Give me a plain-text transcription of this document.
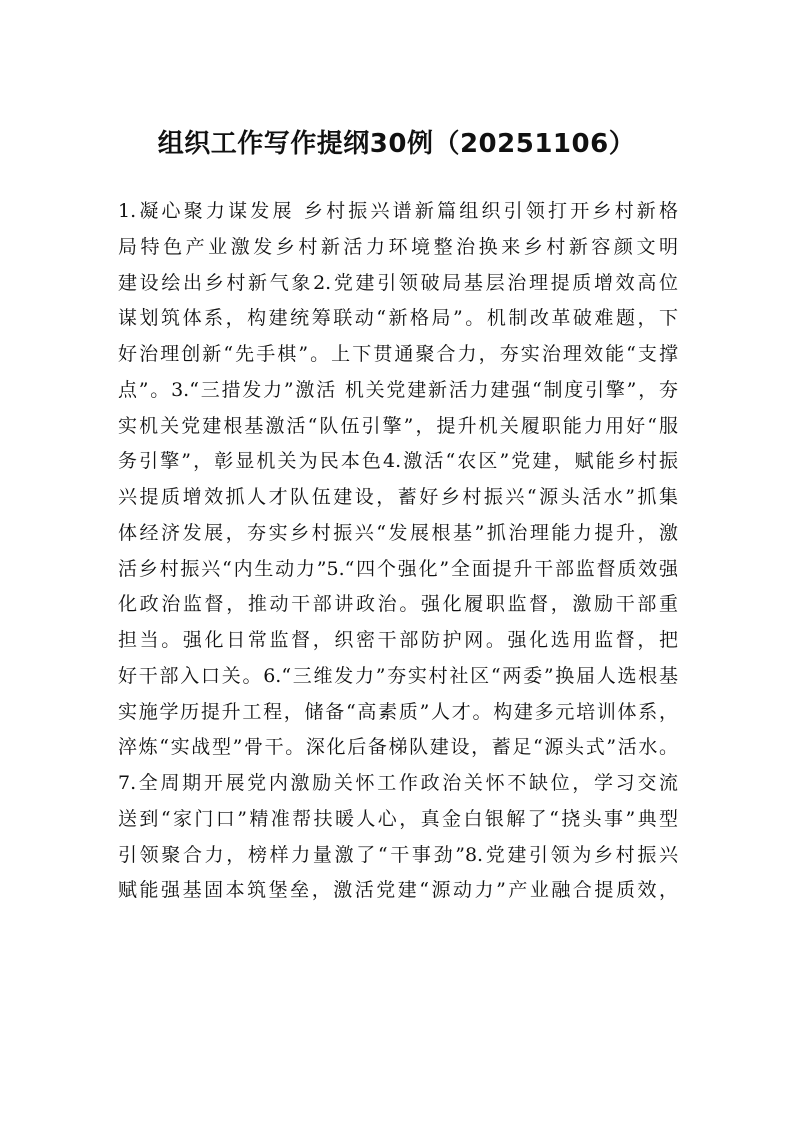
组织工作写作提纲30例（20251106）
1.凝心聚力谋发展 乡村振兴谱新篇组织引领打开乡村新格
局特色产业激发乡村新活力环境整治换来乡村新容颜文明
建设绘出乡村新气象2.党建引领破局基层治理提质增效高位
谋划筑体系，构建统筹联动“新格局”。机制改革破难题，下
好治理创新“先手棋”。上下贯通聚合力，夯实治理效能“支撑
点”。3.“三措发力”激活 机关党建新活力建强“制度引擎”，夯
实机关党建根基激活“队伍引擎”，提升机关履职能力用好“服
务引擎”，彰显机关为民本色4.激活“农区”党建，赋能乡村振
兴提质增效抓人才队伍建设，蓄好乡村振兴“源头活水”抓集
体经济发展，夯实乡村振兴“发展根基”抓治理能力提升，激
活乡村振兴“内生动力”5.“四个强化”全面提升干部监督质效强
化政治监督，推动干部讲政治。强化履职监督，激励干部重
担当。强化日常监督，织密干部防护网。强化选用监督，把
好干部入口关。6.“三维发力”夯实村社区“两委”换届人选根基
实施学历提升工程，储备“高素质”人才。构建多元培训体系，
淬炼“实战型”骨干。深化后备梯队建设，蓄足“源头式”活水。
7.全周期开展党内激励关怀工作政治关怀不缺位，学习交流
送到“家门口”精准帮扶暖人心，真金白银解了“挠头事”典型
引领聚合力，榜样力量激了“干事劲”8.党建引领为乡村振兴
赋能强基固本筑堡垒，激活党建“源动力”产业融合提质效，
